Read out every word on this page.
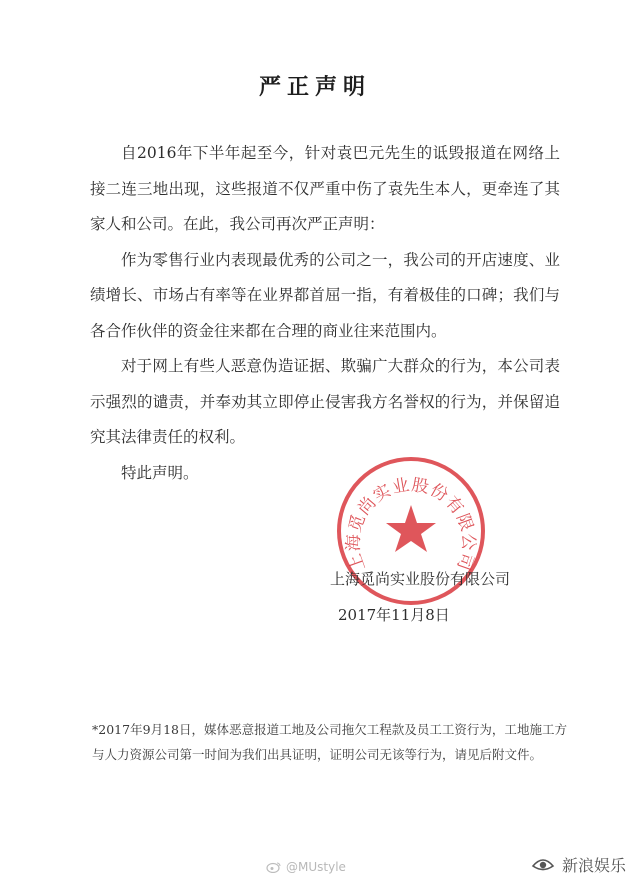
严正声明

自2016年下半年起至今，针对袁巴元先生的诋毁报道在网络上接二连三地出现，这些报道不仅严重中伤了袁先生本人，更牵连了其家人和公司。在此，我公司再次严正声明：

作为零售行业内表现最优秀的公司之一，我公司的开店速度、业绩增长、市场占有率等在业界都首屈一指，有着极佳的口碑；我们与各合作伙伴的资金往来都在合理的商业往来范围内。

对于网上有些人恶意伪造证据、欺骗广大群众的行为，本公司表示强烈的谴责，并奉劝其立即停止侵害我方名誉权的行为，并保留追究其法律责任的权利。

特此声明。

上海觅尚实业股份有限公司
上海觅尚实业股份有限公司
2017年11月8日
*2017年9月18日，媒体恶意报道工地及公司拖欠工程款及员工工资行为，工地施工方与人力资源公司第一时间为我们出具证明，证明公司无该等行为，请见后附文件。
@MUstyle	新浪娱乐
